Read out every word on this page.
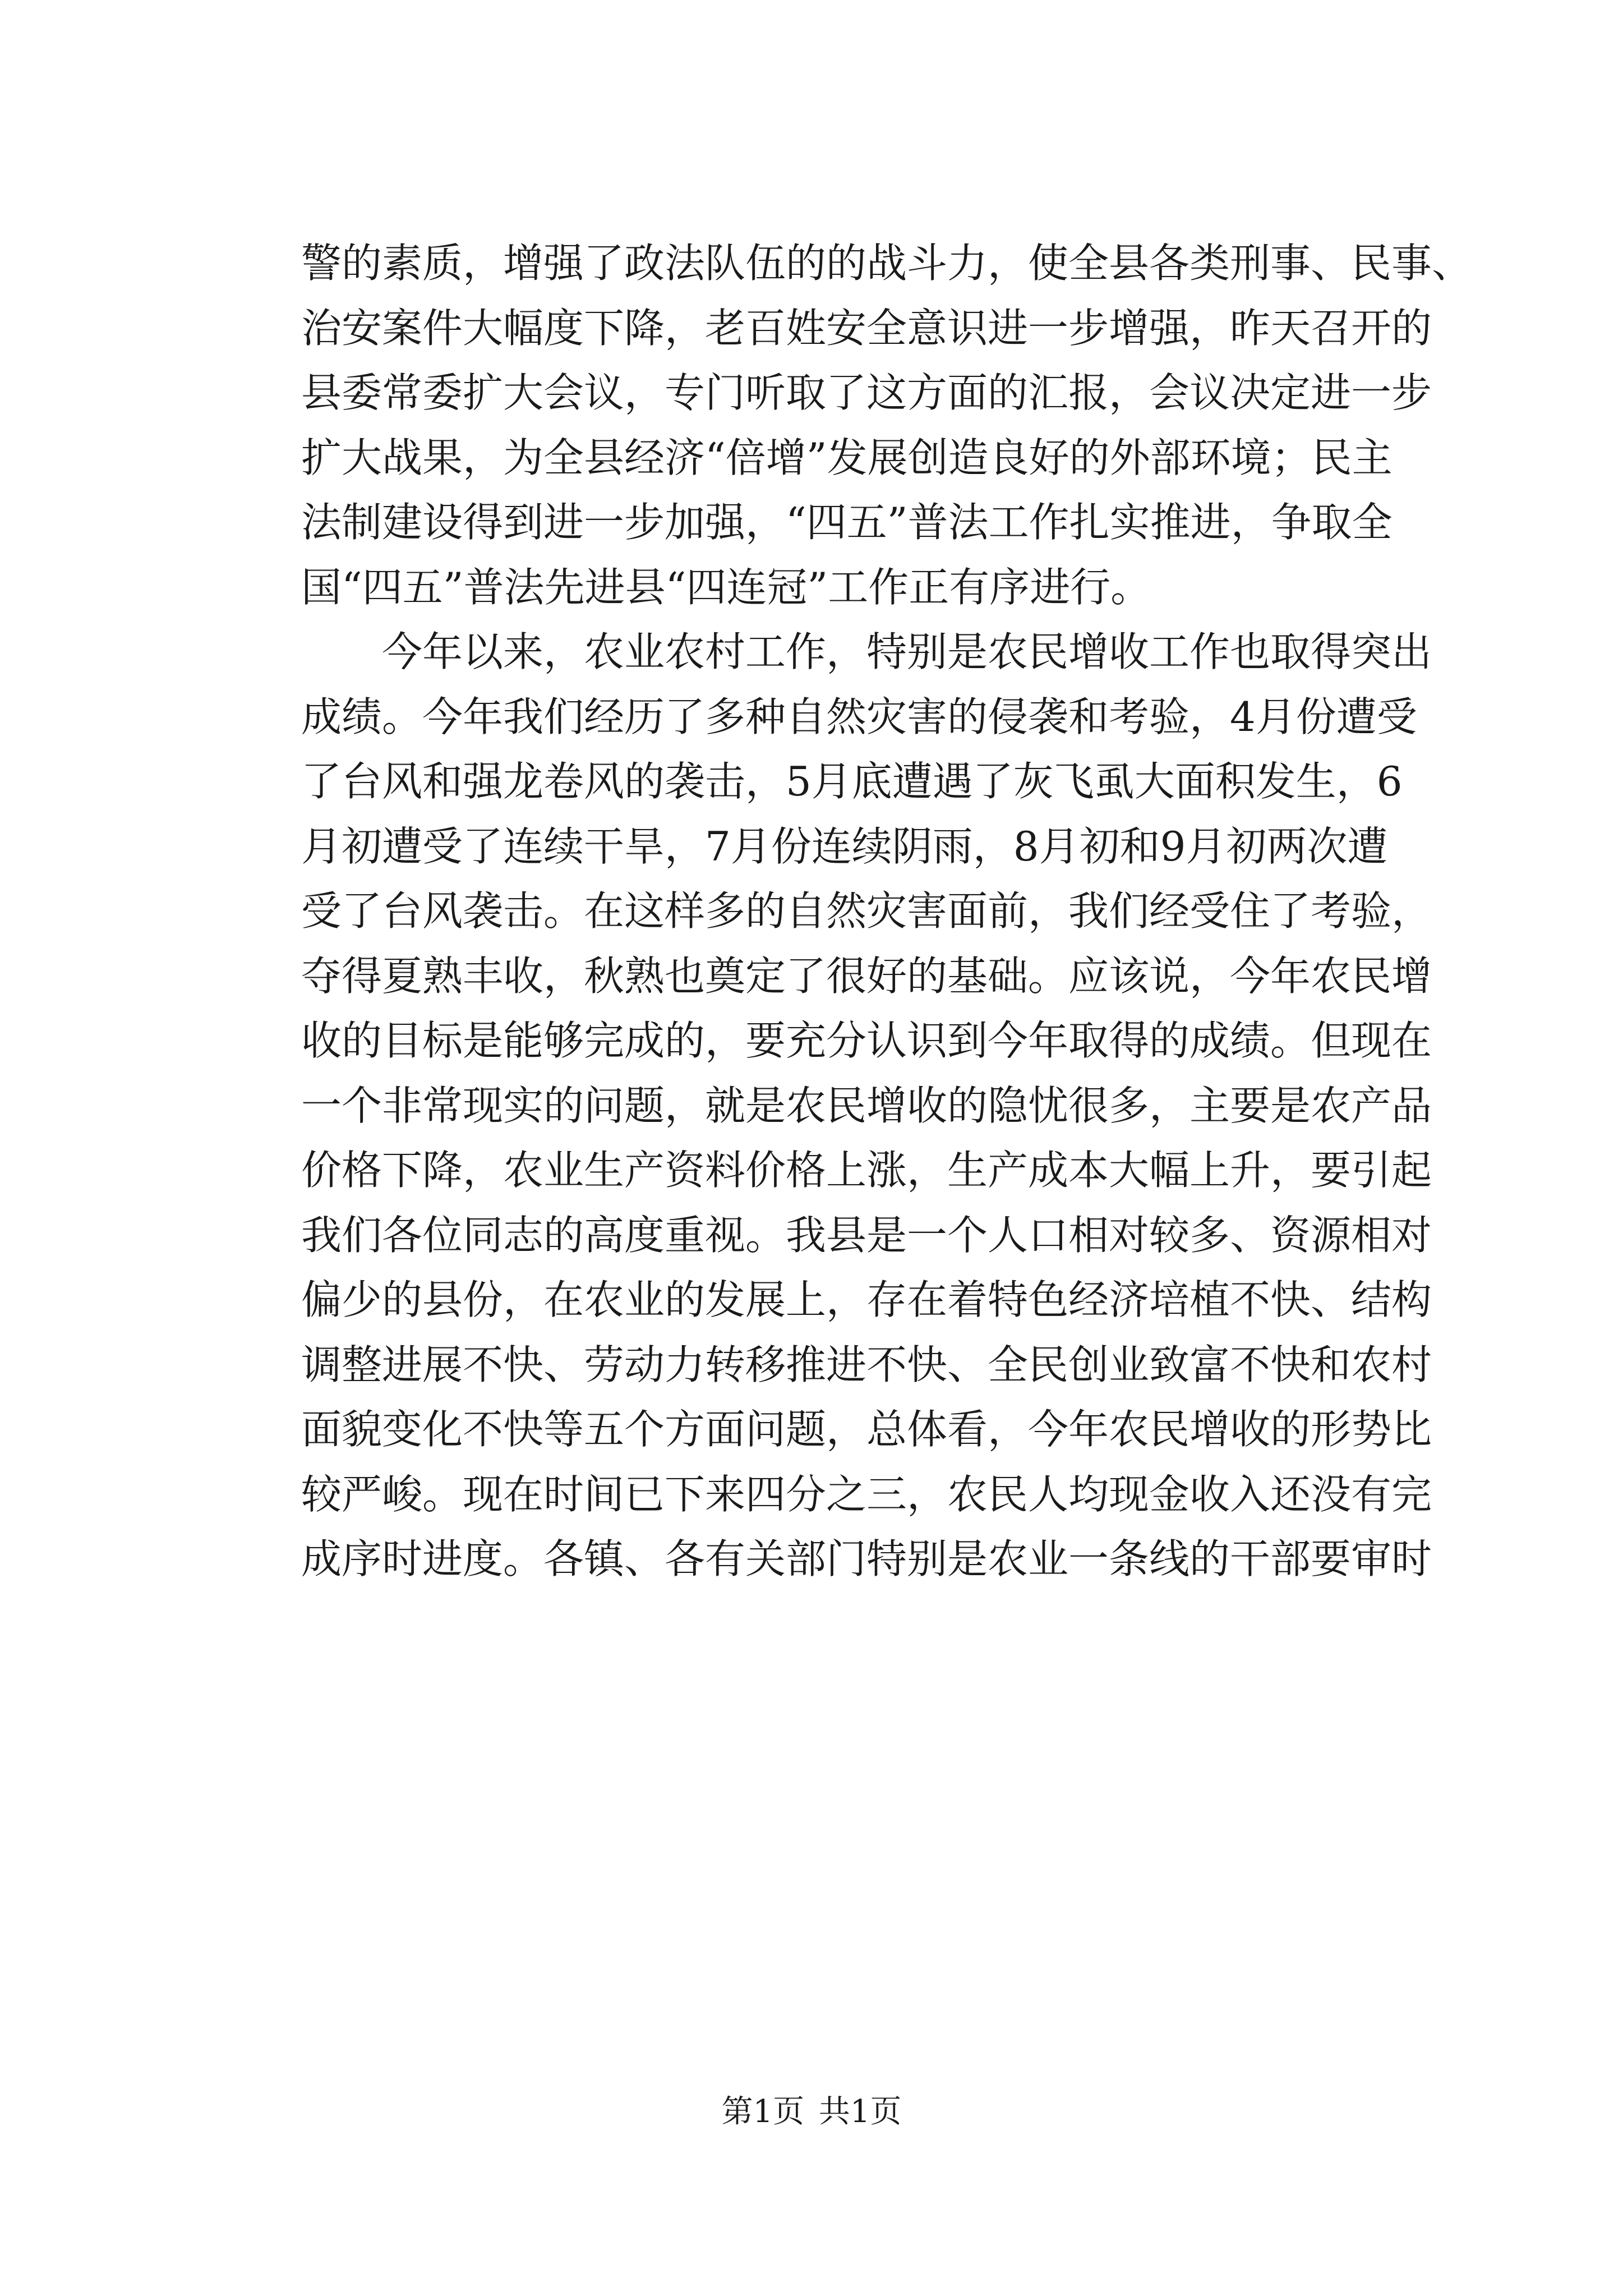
警的素质，增强了政法队伍的的战斗力，使全县各类刑事、民事、
治安案件大幅度下降，老百姓安全意识进一步增强，昨天召开的
县委常委扩大会议，专门听取了这方面的汇报，会议决定进一步
扩大战果，为全县经济“倍增”发展创造良好的外部环境；民主
法制建设得到进一步加强，“四五”普法工作扎实推进，争取全
国“四五”普法先进县“四连冠”工作正有序进行。
　　今年以来，农业农村工作，特别是农民增收工作也取得突出
成绩。今年我们经历了多种自然灾害的侵袭和考验，4月份遭受
了台风和强龙卷风的袭击，5月底遭遇了灰飞虱大面积发生，6
月初遭受了连续干旱，7月份连续阴雨，8月初和9月初两次遭
受了台风袭击。在这样多的自然灾害面前，我们经受住了考验，
夺得夏熟丰收，秋熟也奠定了很好的基础。应该说，今年农民增
收的目标是能够完成的，要充分认识到今年取得的成绩。但现在
一个非常现实的问题，就是农民增收的隐忧很多，主要是农产品
价格下降，农业生产资料价格上涨，生产成本大幅上升，要引起
我们各位同志的高度重视。我县是一个人口相对较多、资源相对
偏少的县份，在农业的发展上，存在着特色经济培植不快、结构
调整进展不快、劳动力转移推进不快、全民创业致富不快和农村
面貌变化不快等五个方面问题，总体看，今年农民增收的形势比
较严峻。现在时间已下来四分之三，农民人均现金收入还没有完
成序时进度。各镇、各有关部门特别是农业一条线的干部要审时
第1页 共1页
